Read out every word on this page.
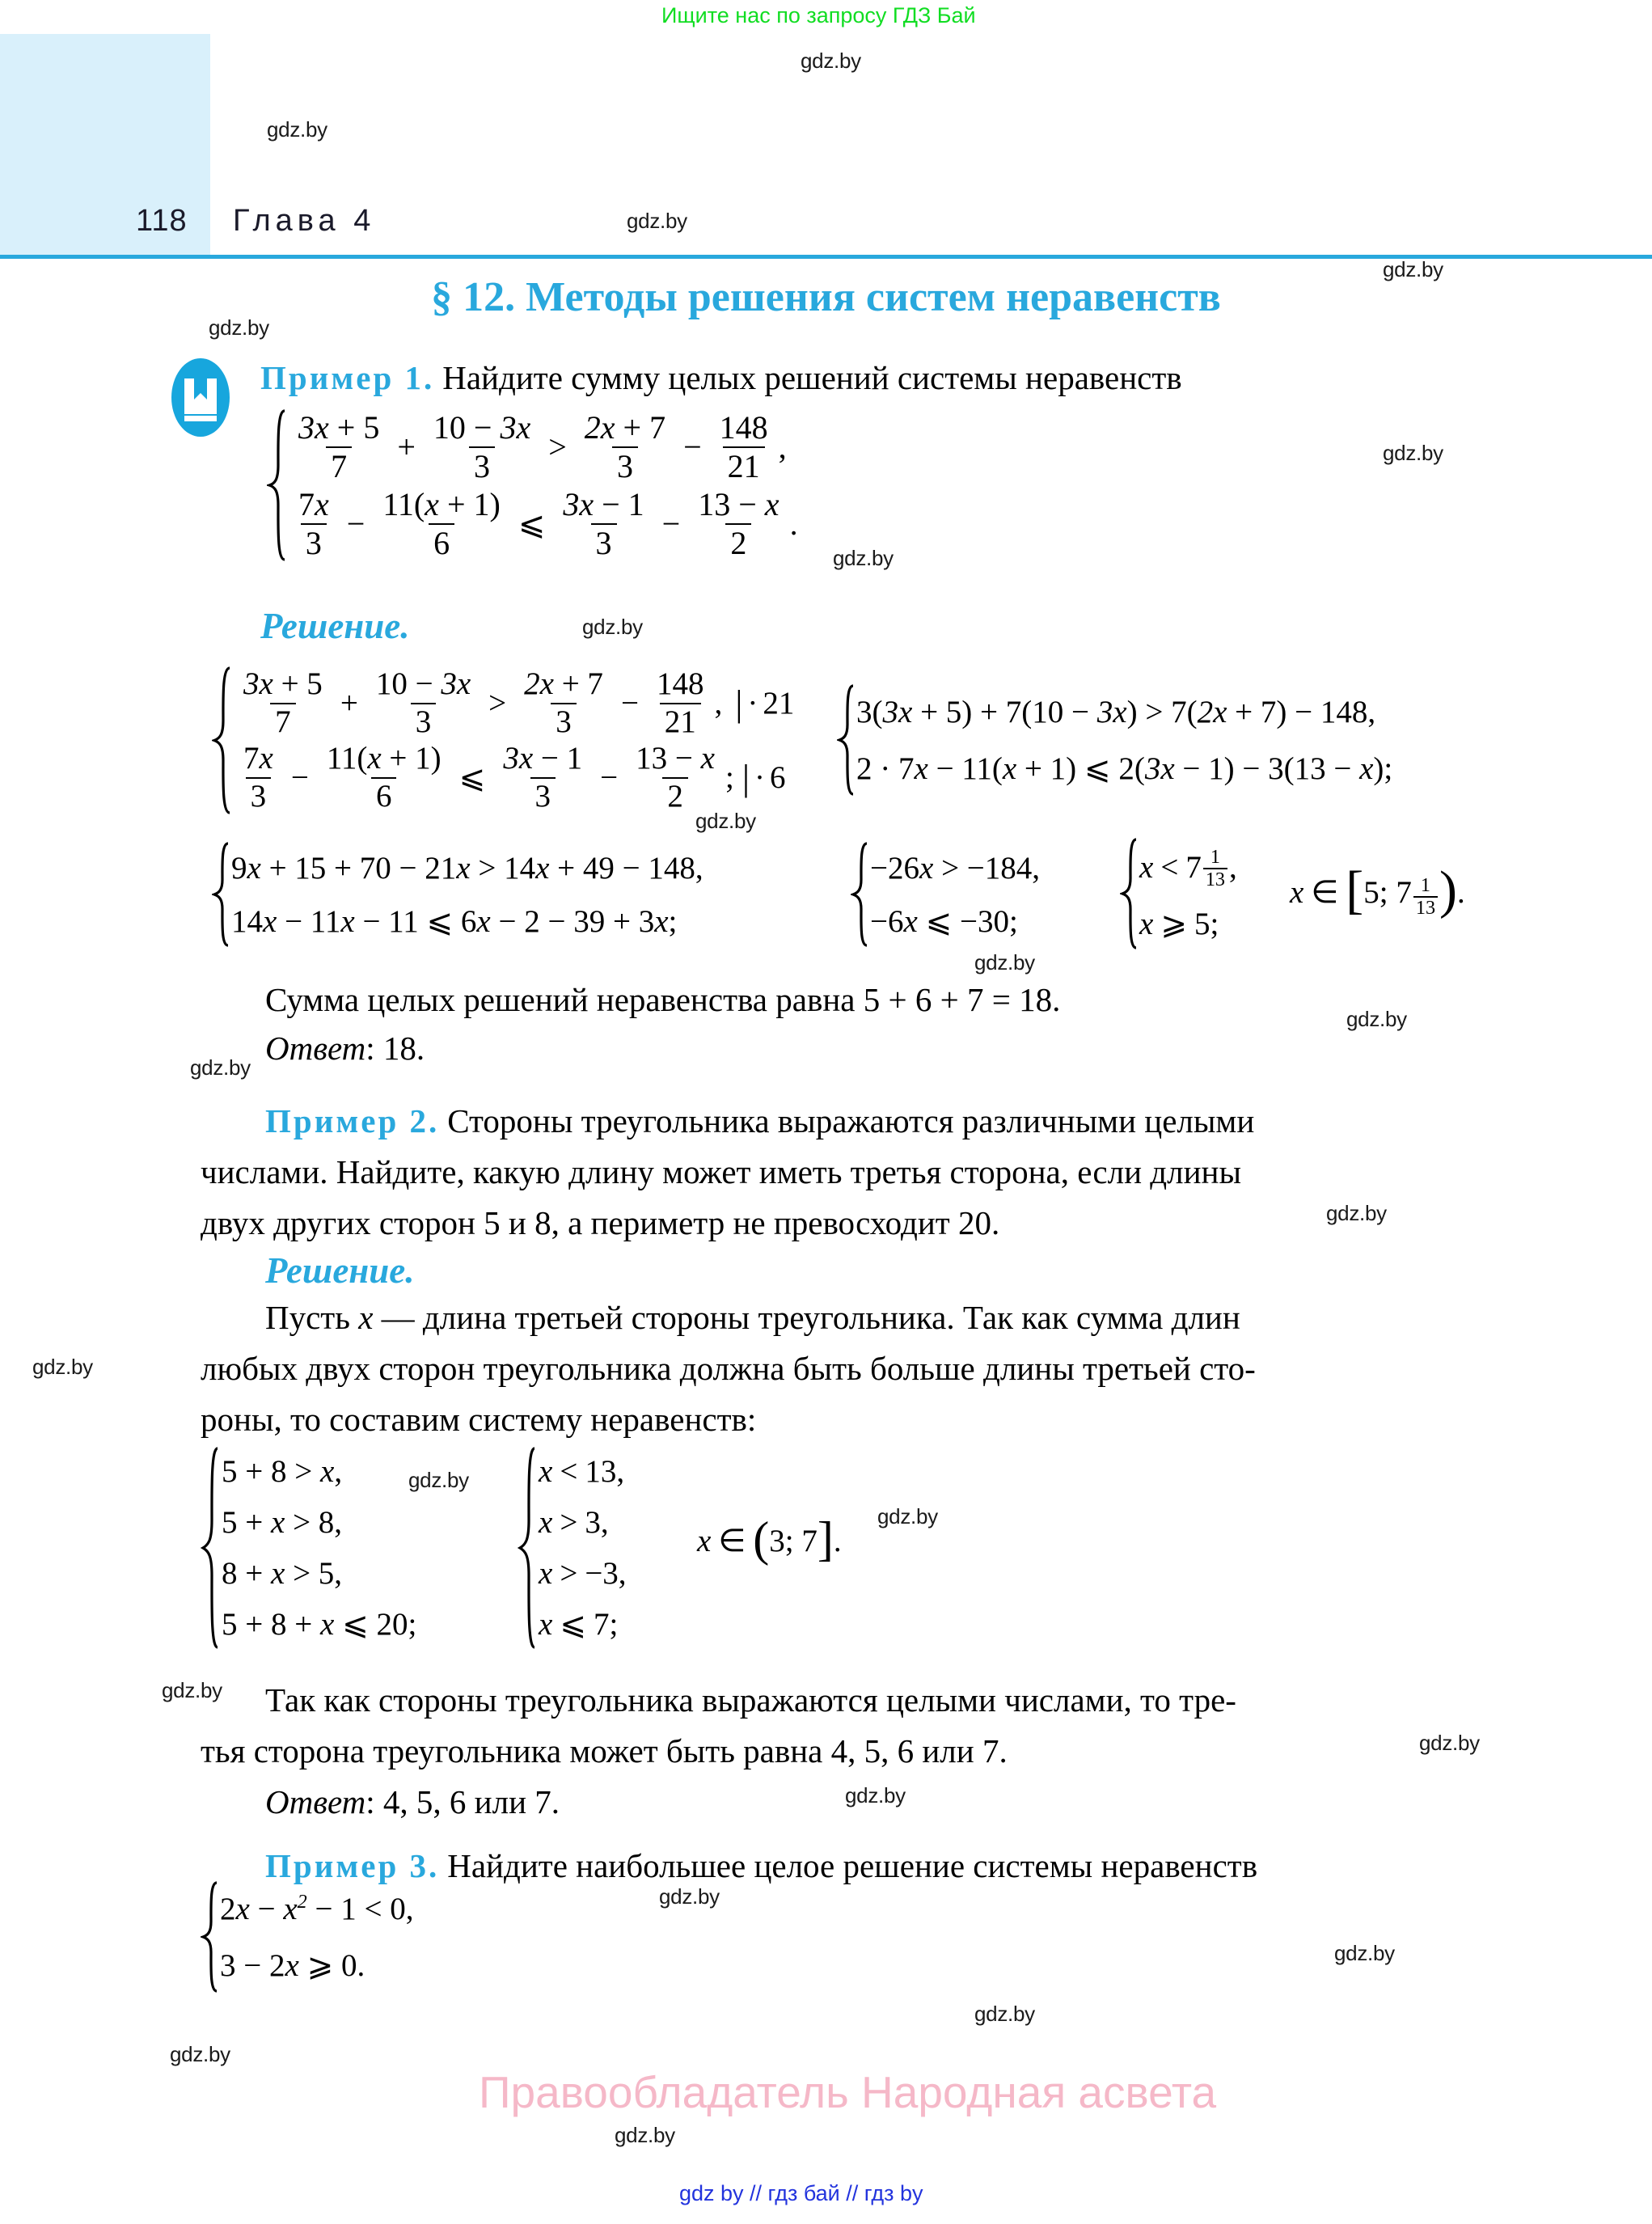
Ищите нас по запросу ГДЗ Бай
118 Глава 4
§ 12. Методы решения систем неравенств
Пример 1. Найдите сумму целых решений системы неравенств
$\frac{3x + 5}{7} + \frac{10 - 3x}{3} > \frac{2x + 7}{3} - \frac{148}{21}$ ,
$\frac{7x}{3} - \frac{11(x + 1)}{6}$ ⩽ $\frac{3x - 1}{3} - \frac{13 - x}{2}$ .
Решение.
$\frac{3x + 5}{7} + \frac{10 - 3x}{3} > \frac{2x + 7}{3} - \frac{148}{21}$ , | · 21
$\frac{7x}{3} - \frac{11(x + 1)}{6}$ ⩽ $\frac{3x - 1}{3} - \frac{13 - x}{2}$ ; | · 6
3(3x + 5) + 7(10 − 3x) > 7(2x + 7) − 148,
2 · 7x − 11(x + 1) ⩽ 2(3x − 1) − 3(13 − x);
9x + 15 + 70 − 21x > 14x + 49 − 148,
14x − 11x − 11 ⩽ 6x − 2 − 39 + 3x;
−26x > −184,
−6x ⩽ −30;
$x < 7 \frac{1}{13}$ ,
x ⩾ 5;
x ∈ [5; $7 \frac{1}{13}$ ).
Сумма целых решений неравенства равна 5 + 6 + 7 = 18.
Ответ: 18.
Пример 2. Стороны треугольника выражаются различными целыми
числами. Найдите, какую длину может иметь третья сторона, если длины
двух других сторон 5 и 8, а периметр не превосходит 20.
Решение.
Пусть x — длина третьей стороны треугольника. Так как сумма длин
любых двух сторон треугольника должна быть больше длины третьей сто-
роны, то составим систему неравенств:
5 + 8 > x,
5 + x > 8,
8 + x > 5,
5 + 8 + x ⩽ 20;
x < 13,
x > 3,
x > −3,
x ⩽ 7;
x ∈ (3; 7].
Так как стороны треугольника выражаются целыми числами, то тре-
тья сторона треугольника может быть равна 4, 5, 6 или 7.
Ответ: 4, 5, 6 или 7.
Пример 3. Найдите наибольшее целое решение системы неравенств
$2x - x^2 - 1 < 0$,
3 − 2x ⩾ 0.
Правообладатель Народная асвета
gdz by // гдз бай // гдз by
gdz.by
gdz.by
gdz.by
gdz.by
gdz.by
gdz.by
gdz.by
gdz.by
gdz.by
gdz.by
gdz.by
gdz.by
gdz.by
gdz.by
gdz.by
gdz.by
gdz.by
gdz.by
gdz.by
gdz.by
gdz.by
gdz.by
gdz.by
gdz.by
